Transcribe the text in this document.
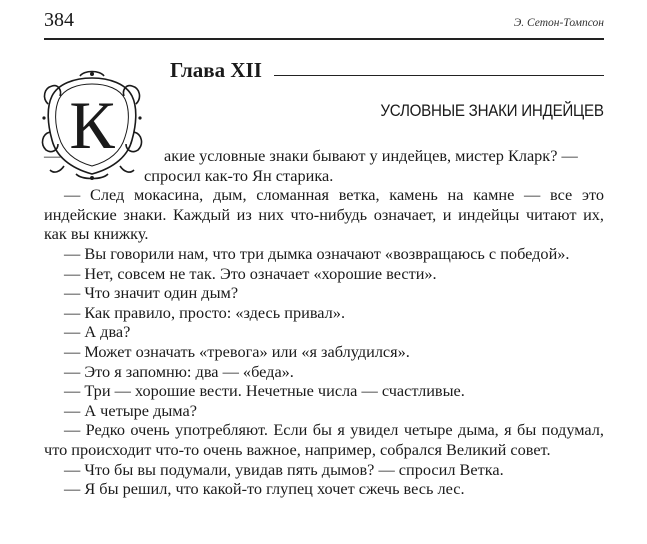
384	Э. Сетон-Томпсон
Глава XII
УСЛОВНЫЕ ЗНАКИ ИНДЕЙЦЕВ
К

—	акие условные знаки бывают у индейцев, мистер Кларк? —
спросил как-то Ян старика.

— След мокасина, дым, сломанная ветка, камень на камне — все это индейские знаки. Каждый из них что-нибудь означает, и индейцы читают их, как вы книжку.

— Вы говорили нам, что три дымка означают «возвращаюсь с победой».

— Нет, совсем не так. Это означает «хорошие вести».

— Что значит один дым?

— Как правило, просто: «здесь привал».

— А два?

— Может означать «тревога» или «я заблудился».

— Это я запомню: два — «беда».

— Три — хорошие вести. Нечетные числа — счастливые.

— А четыре дыма?

— Редко очень употребляют. Если бы я увидел четыре дыма, я бы подумал, что происходит что-то очень важное, например, собрался Великий совет.

— Что бы вы подумали, увидав пять дымов? — спросил Ветка.

— Я бы решил, что какой-то глупец хочет сжечь весь лес.
